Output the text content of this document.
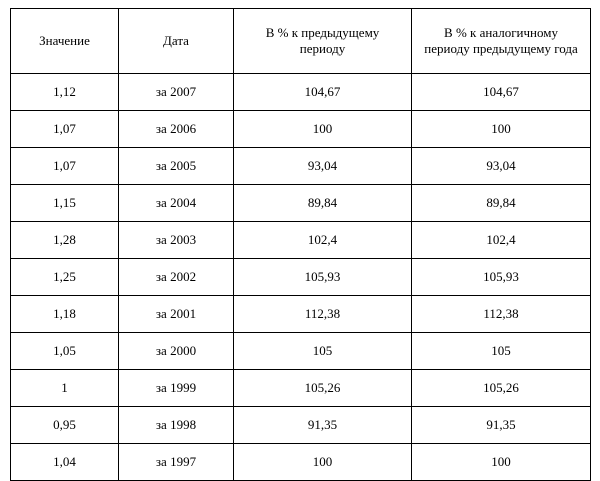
Значение	Дата	В % к предыдущему периоду	В % к аналогичному периоду предыдущему года

1,12	за 2007	104,67	104,67
1,07	за 2006	100	100
1,07	за 2005	93,04	93,04
1,15	за 2004	89,84	89,84
1,28	за 2003	102,4	102,4
1,25	за 2002	105,93	105,93
1,18	за 2001	112,38	112,38
1,05	за 2000	105	105
1	за 1999	105,26	105,26
0,95	за 1998	91,35	91,35
1,04	за 1997	100	100
